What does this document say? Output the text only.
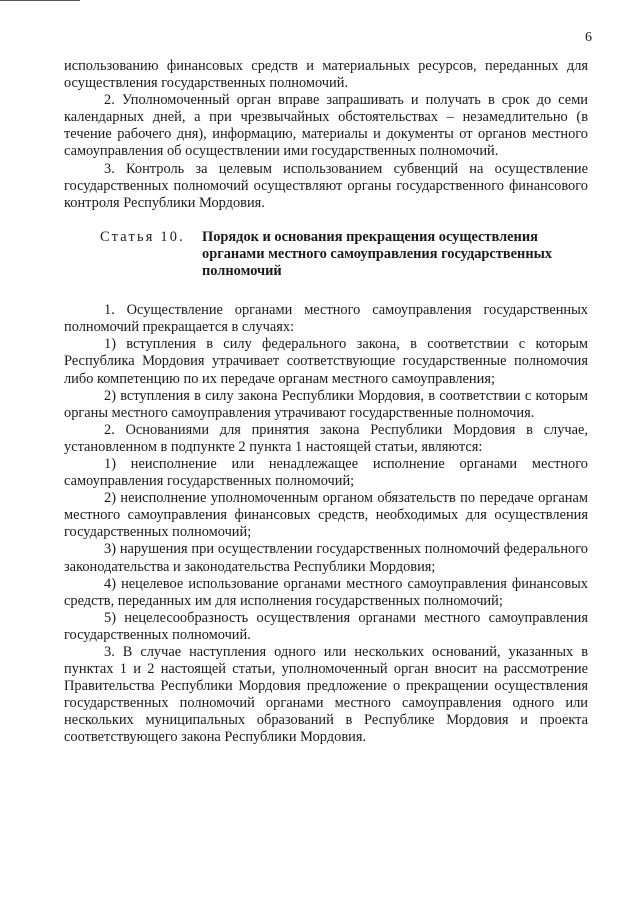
6

использованию финансовых средств и материальных ресурсов, переданных для осуществления государственных полномочий.

2. Уполномоченный орган вправе запрашивать и получать в срок до семи календарных дней, а при чрезвычайных обстоятельствах – незамедлительно (в течение рабочего дня), информацию, материалы и документы от органов местного самоуправления об осуществлении ими государственных полномочий.

3. Контроль за целевым использованием субвенций на осуществление государственных полномочий осуществляют органы государственного финансового контроля Республики Мордовия.

Статья 10.	Порядок и основания прекращения осуществления органами местного самоуправления государственных полномочий

1. Осуществление органами местного самоуправления государственных полномочий прекращается в случаях:

1) вступления в силу федерального закона, в соответствии с которым Республика Мордовия утрачивает соответствующие государственные полномочия либо компетенцию по их передаче органам местного самоуправления;

2) вступления в силу закона Республики Мордовия, в соответствии с которым органы местного самоуправления утрачивают государственные полномочия.

2. Основаниями для принятия закона Республики Мордовия в случае, установленном в подпункте 2 пункта 1 настоящей статьи, являются:

1) неисполнение или ненадлежащее исполнение органами местного самоуправления государственных полномочий;

2) неисполнение уполномоченным органом обязательств по передаче органам местного самоуправления финансовых средств, необходимых для осуществления государственных полномочий;

3) нарушения при осуществлении государственных полномочий федерального законодательства и законодательства Республики Мордовия;

4) нецелевое использование органами местного самоуправления финансовых средств, переданных им для исполнения государственных полномочий;

5) нецелесообразность осуществления органами местного самоуправления государственных полномочий.

3. В случае наступления одного или нескольких оснований, указанных в пунктах 1 и 2 настоящей статьи, уполномоченный орган вносит на рассмотрение Правительства Республики Мордовия предложение о прекращении осуществления государственных полномочий органами местного самоуправления одного или нескольких муниципальных образований в Республике Мордовия и проекта соответствующего закона Республики Мордовия.
